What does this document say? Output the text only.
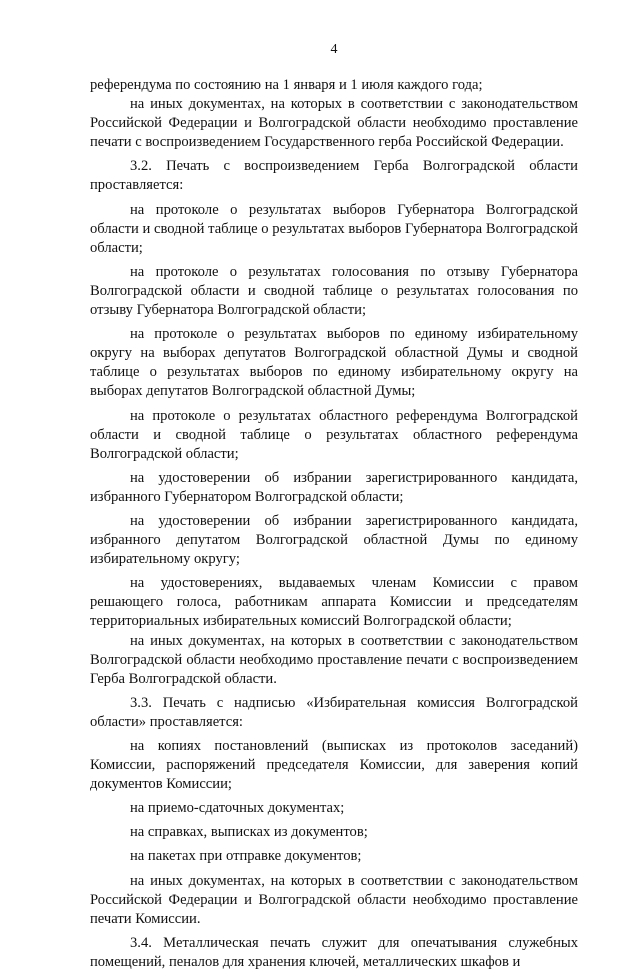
4

референдума по состоянию на 1 января и 1 июля каждого года;

на иных документах, на которых в соответствии с законодательством Российской Федерации и Волгоградской области необходимо проставление печати с воспроизведением Государственного герба Российской Федерации.

3.2. Печать с воспроизведением Герба Волгоградской области проставляется:

на протоколе о результатах выборов Губернатора Волгоградской области и сводной таблице о результатах выборов Губернатора Волгоградской области;

на протоколе о результатах голосования по отзыву Губернатора Волгоградской области и сводной таблице о результатах голосования по отзыву Губернатора Волгоградской области;

на протоколе о результатах выборов по единому избирательному округу на выборах депутатов Волгоградской областной Думы и сводной таблице о результатах выборов по единому избирательному округу на выборах депутатов Волгоградской областной Думы;

на протоколе о результатах областного референдума Волгоградской области и сводной таблице о результатах областного референдума Волгоградской области;

на удостоверении об избрании зарегистрированного кандидата, избранного Губернатором Волгоградской области;

на удостоверении об избрании зарегистрированного кандидата, избранного депутатом Волгоградской областной Думы по единому избирательному округу;

на удостоверениях, выдаваемых членам Комиссии с правом решающего голоса, работникам аппарата Комиссии и председателям территориальных избирательных комиссий Волгоградской области;

на иных документах, на которых в соответствии с законодательством Волгоградской области необходимо проставление печати с воспроизведением Герба Волгоградской области.

3.3. Печать с надписью «Избирательная комиссия Волгоградской области» проставляется:

на копиях постановлений (выписках из протоколов заседаний) Комиссии, распоряжений председателя Комиссии, для заверения копий документов Комиссии;

на приемо-сдаточных документах;

на справках, выписках из документов;

на пакетах при отправке документов;

на иных документах, на которых в соответствии с законодательством Российской Федерации и Волгоградской области необходимо проставление печати Комиссии.

3.4. Металлическая печать служит для опечатывания служебных помещений, пеналов для хранения ключей, металлических шкафов и
